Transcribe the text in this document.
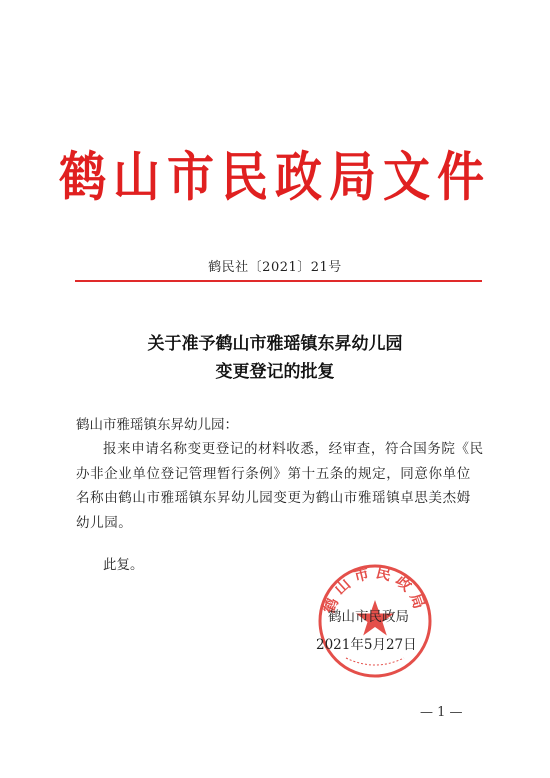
鹤山市民政局文件
鹤民社〔2021〕21号
关于准予鹤山市雅瑶镇东昇幼儿园
变更登记的批复
鹤山市雅瑶镇东昇幼儿园：
报来申请名称变更登记的材料收悉，经审查，符合国务院《民
办非企业单位登记管理暂行条例》第十五条的规定，同意你单位
名称由鹤山市雅瑶镇东昇幼儿园变更为鹤山市雅瑶镇卓思美杰姆
幼儿园。
此复。
鹤山市民政局
鹤山市民政局
2021年5月27日
— 1 —
